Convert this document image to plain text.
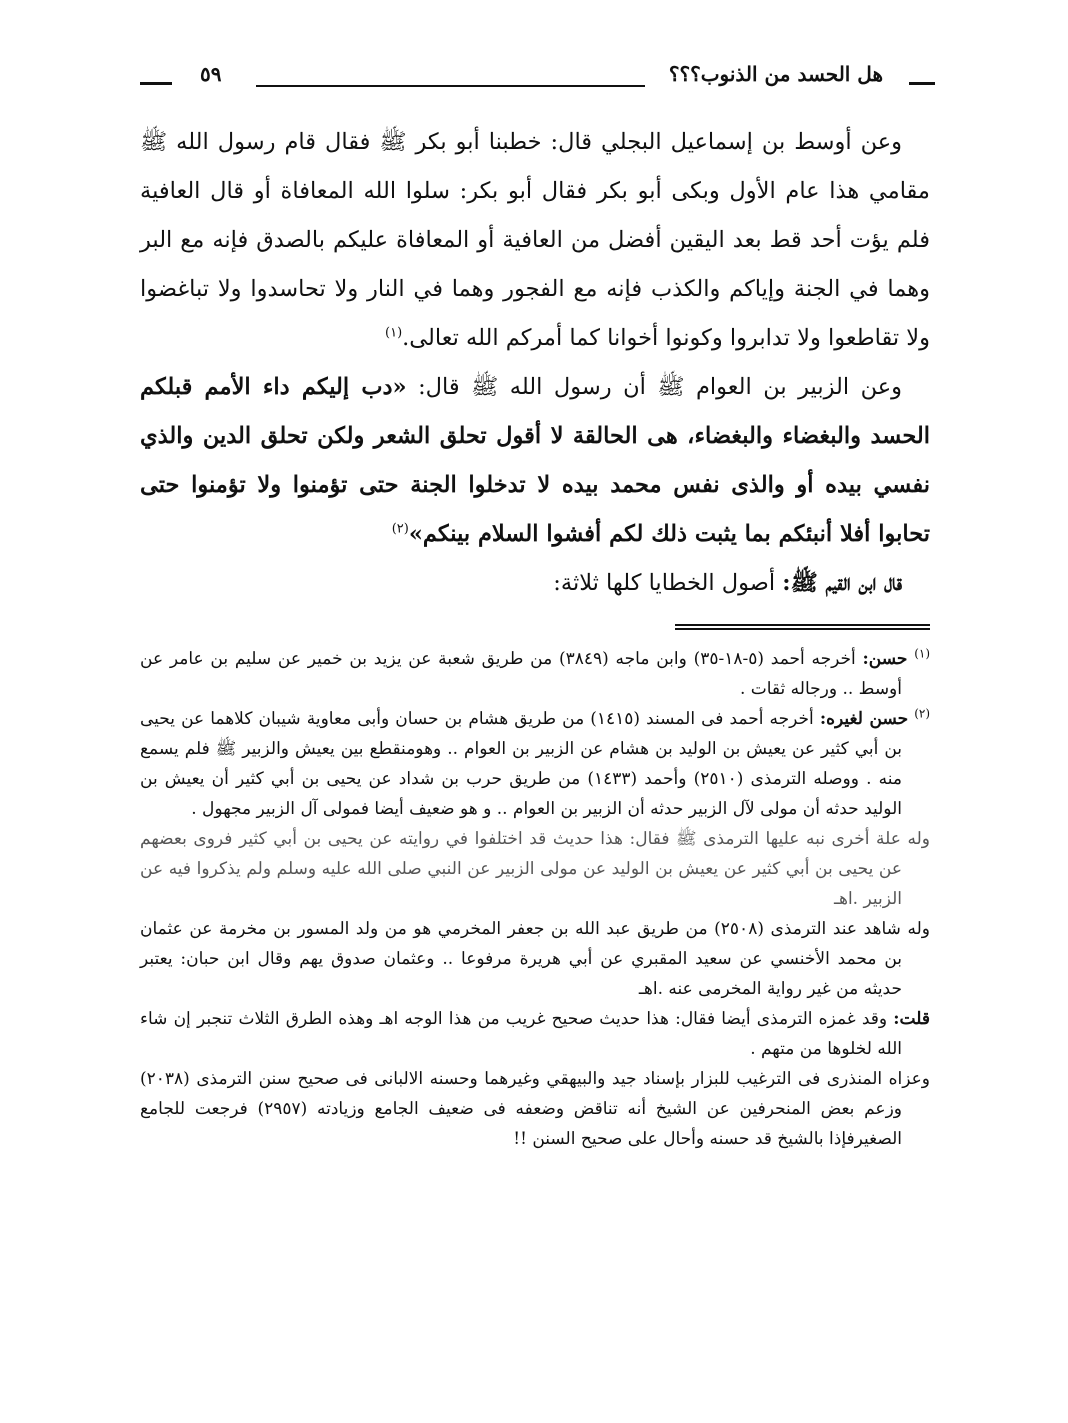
هل الحسد من الذنوب؟؟؟
٥٩

وعن أوسط بن إسماعيل البجلي قال: خطبنا أبو بكر ﷺ فقال قام رسول الله ﷺ مقامي هذا عام الأول وبكى أبو بكر فقال أبو بكر: سلوا الله المعافاة أو قال العافية فلم يؤت أحد قط بعد اليقين أفضل من العافية أو المعافاة عليكم بالصدق فإنه مع البر وهما في الجنة وإياكم والكذب فإنه مع الفجور وهما في النار ولا تحاسدوا ولا تباغضوا ولا تقاطعوا ولا تدابروا وكونوا أخوانا كما أمركم الله تعالى.$^{(١)}$

وعن الزبير بن العوام ﷺ أن رسول الله ﷺ قال: «دب إليكم داء الأمم قبلكم الحسد والبغضاء والبغضاء، هى الحالقة لا أقول تحلق الشعر ولكن تحلق الدين والذي نفسي بيده أو والذى نفس محمد بيده لا تدخلوا الجنة حتى تؤمنوا ولا تؤمنوا حتى تحابوا أفلا أنبئكم بما يثبت ذلك لكم أفشوا السلام بينكم»$^{(٢)}$

قال ابن القيم ﷺ: أصول الخطايا كلها ثلاثة:

$^{(١)}$ حسن: أخرجه أحمد (٥-١٨-٣٥) وابن ماجه (٣٨٤٩) من طريق شعبة عن يزيد بن خمير عن سليم بن عامر عن أوسط .. ورجاله ثقات .

$^{(٢)}$ حسن لغيره: أخرجه أحمد فى المسند (١٤١٥) من طريق هشام بن حسان وأبى معاوية شيبان كلاهما عن يحيى بن أبي كثير عن يعيش بن الوليد بن هشام عن الزبير بن العوام .. وهومنقطع بين يعيش والزبير ﷺ فلم يسمع منه . ووصله الترمذى (٢٥١٠) وأحمد (١٤٣٣) من طريق حرب بن شداد عن يحيى بن أبي كثير أن يعيش بن الوليد حدثه أن مولى لآل الزبير حدثه أن الزبير بن العوام .. و هو ضعيف أيضا فمولى آل الزبير مجهول .

وله علة أخرى نبه عليها الترمذى ﷺ فقال: هذا حديث قد اختلفوا في روايته عن يحيى بن أبي كثير فروى بعضهم عن يحيى بن أبي كثير عن يعيش بن الوليد عن مولى الزبير عن النبي صلى الله عليه وسلم ولم يذكروا فيه عن الزبير .اهـ

وله شاهد عند الترمذى (٢٥٠٨) من طريق عبد الله بن جعفر المخرمي هو من ولد المسور بن مخرمة عن عثمان بن محمد الأخنسي عن سعيد المقبري عن أبي هريرة مرفوعا .. وعثمان صدوق يهم وقال ابن حبان: يعتبر حديثه من غير رواية المخرمى عنه .اهـ

قلت: وقد غمزه الترمذى أيضا فقال: هذا حديث صحيح غريب من هذا الوجه اهـ وهذه الطرق الثلاث تنجبر إن شاء الله لخلوها من متهم .

وعزاه المنذرى فى الترغيب للبزار بإسناد جيد والبيهقي وغيرهما وحسنه الالبانى فى صحيح سنن الترمذى (٢٠٣٨) وزعم بعض المنحرفين عن الشيخ أنه تناقض وضعفه فى ضعيف الجامع وزيادته (٢٩٥٧) فرجعت للجامع الصغيرفإذا بالشيخ قد حسنه وأحال على صحيح السنن !!
